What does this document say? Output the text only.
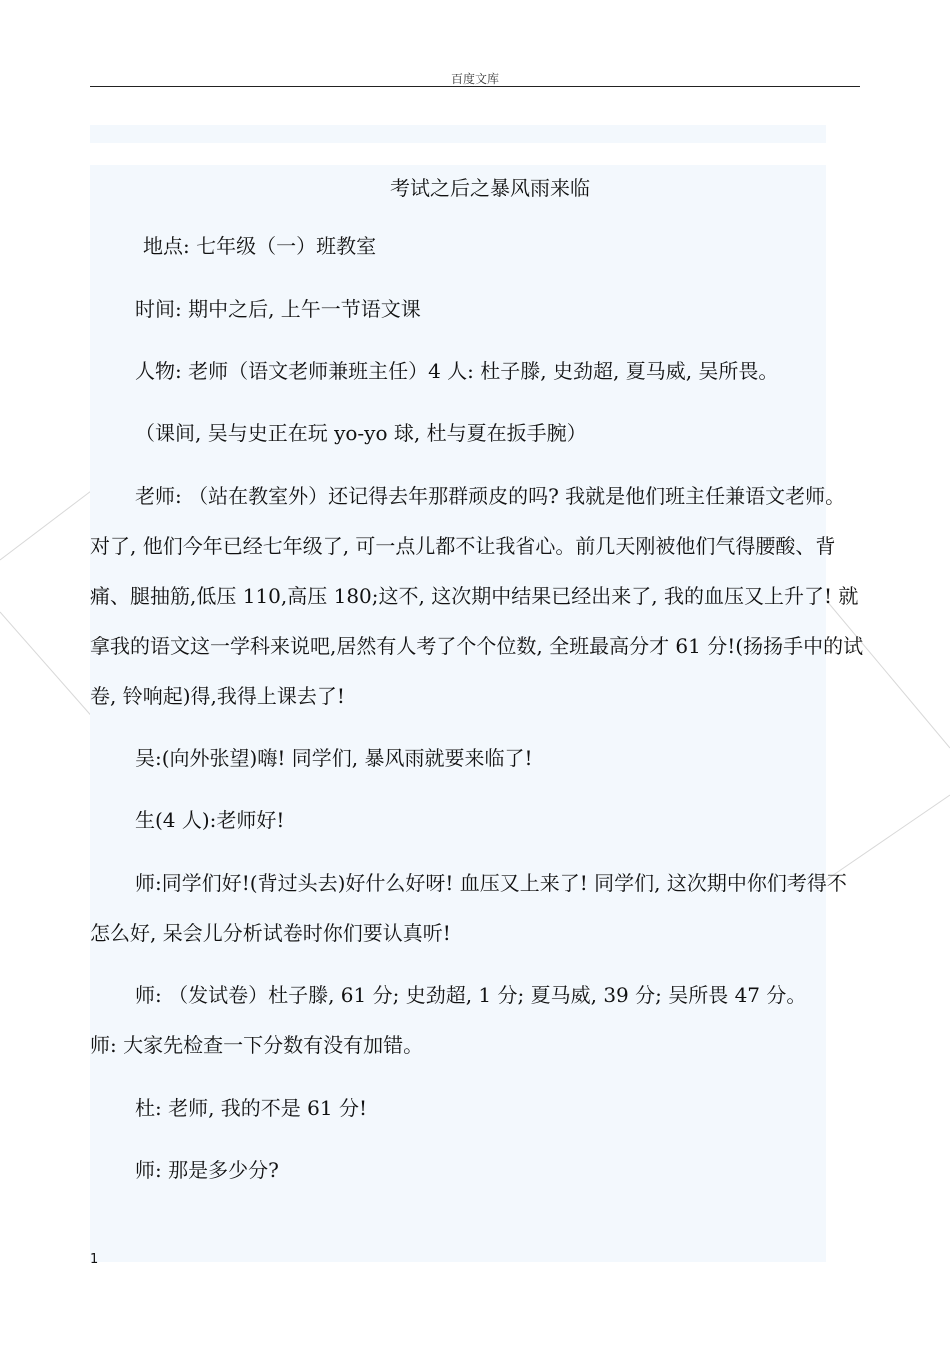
百度文库
考试之后之暴风雨来临
地点: 七年级（一）班教室
时间: 期中之后, 上午一节语文课
人物: 老师（语文老师兼班主任）4 人: 杜子滕, 史劲超, 夏马威, 吴所畏。
（课间, 吴与史正在玩 yo-yo 球, 杜与夏在扳手腕）
老师: （站在教室外）还记得去年那群顽皮的吗? 我就是他们班主任兼语文老师。
对了, 他们今年已经七年级了, 可一点儿都不让我省心。前几天刚被他们气得腰酸、背
痛、腿抽筋,低压 110,高压 180;这不, 这次期中结果已经出来了, 我的血压又上升了! 就
拿我的语文这一学科来说吧,居然有人考了个个位数, 全班最高分才 61 分!(扬扬手中的试
卷, 铃响起)得,我得上课去了!
吴:(向外张望)嗨! 同学们, 暴风雨就要来临了!
生(4 人):老师好!
师:同学们好!(背过头去)好什么好呀! 血压又上来了! 同学们, 这次期中你们考得不
怎么好, 呆会儿分析试卷时你们要认真听!
师: （发试卷）杜子滕, 61 分; 史劲超, 1 分; 夏马威, 39 分; 吴所畏 47 分。
师: 大家先检查一下分数有没有加错。
杜: 老师, 我的不是 61 分!
师: 那是多少分?
1
